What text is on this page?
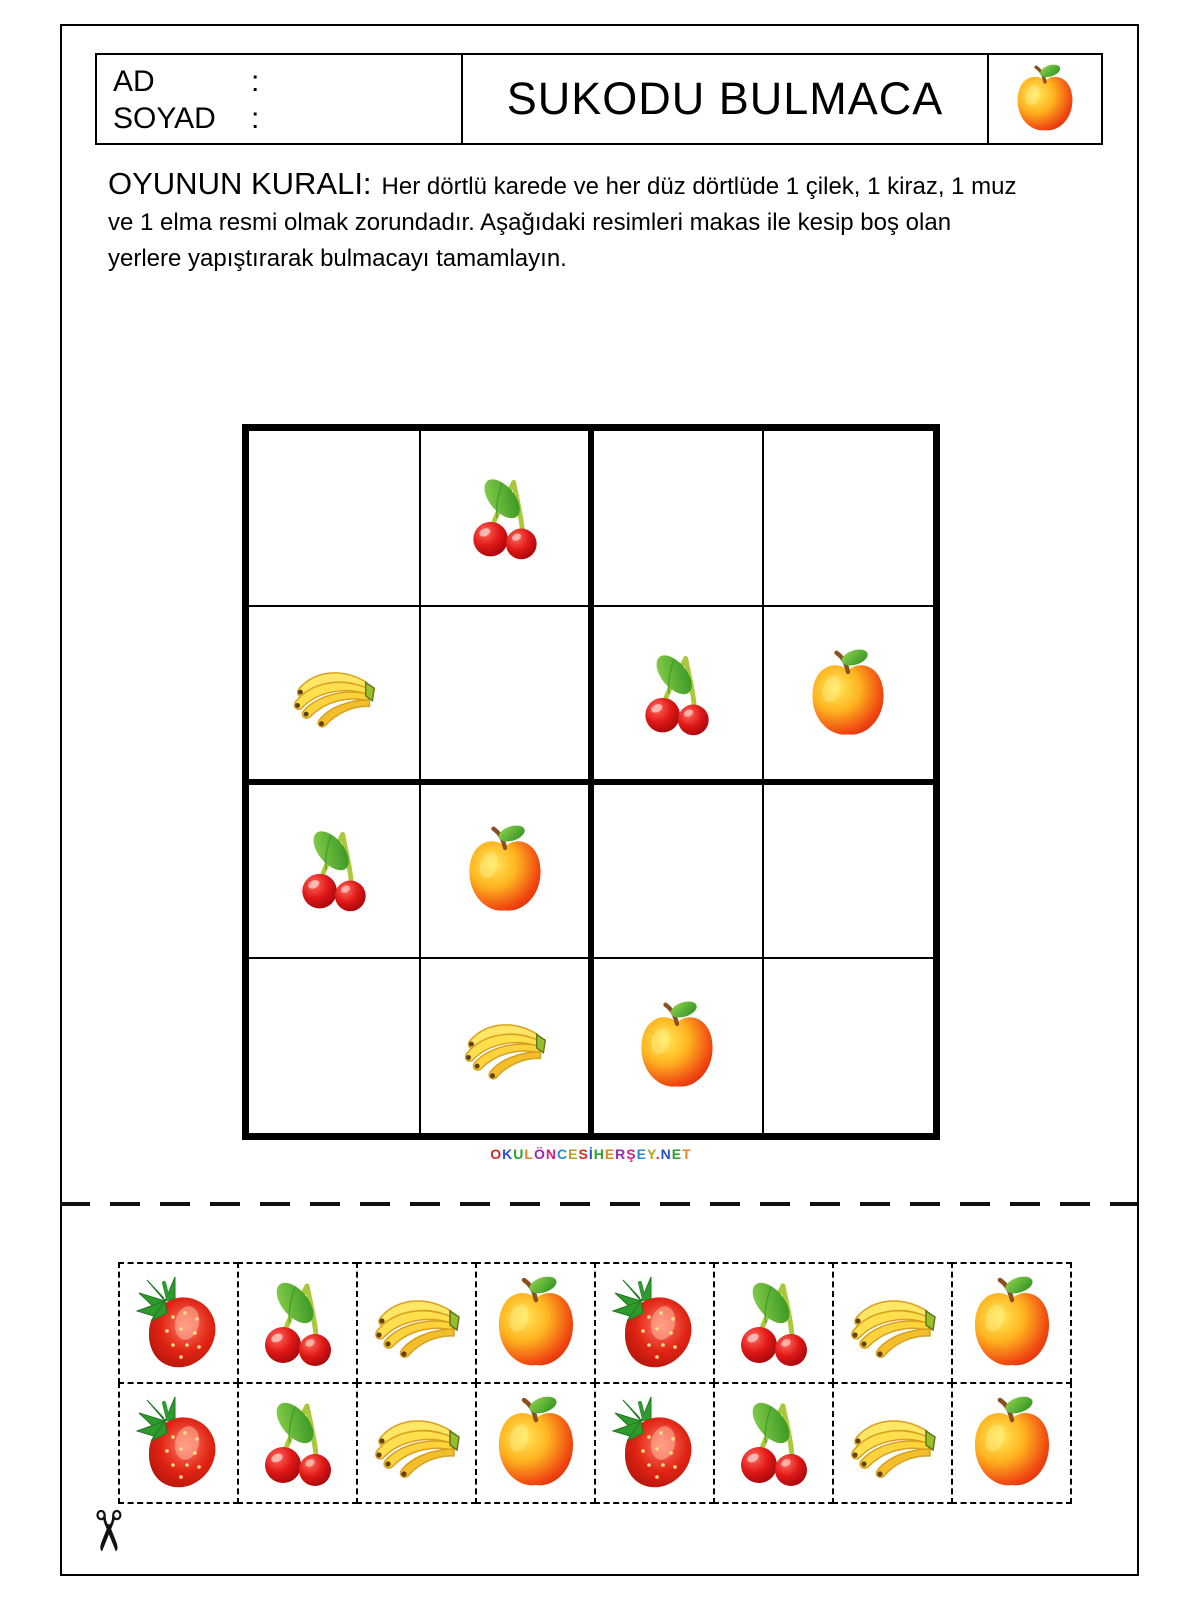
AD	:
SOYAD	:	SUKODU BULMACA
OYUNUN KURALI: Her dörtlü karede ve her düz dörtlüde 1 çilek, 1 kiraz, 1 muz
ve 1 elma resmi olmak zorundadır. Aşağıdaki resimleri makas ile kesip boş olan
yerlere yapıştırarak bulmacayı tamamlayın.
OKULÖNCESİHERŞEY.NET
✂
